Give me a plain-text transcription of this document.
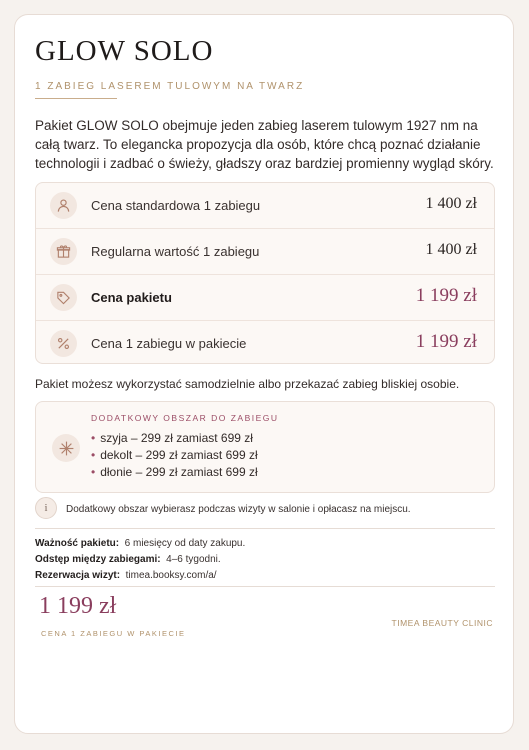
GLOW SOLO
1 ZABIEG LASEREM TULOWYM NA TWARZ
Pakiet GLOW SOLO obejmuje jeden zabieg laserem tulowym 1927 nm na całą twarz. To elegancka propozycja dla osób, które chcą poznać działanie technologii i zadbać o świeży, gładszy oraz bardziej promienny wygląd skóry.
Cena standardowa 1 zabiegu	1 400 zł
Regularna wartość 1 zabiegu	1 400 zł
Cena pakietu	1 199 zł
Cena 1 zabiegu w pakiecie	1 199 zł
Pakiet możesz wykorzystać samodzielnie albo przekazać zabieg bliskiej osobie.
DODATKOWY OBSZAR DO ZABIEGU
• szyja – 299 zł zamiast 699 zł
• dekolt – 299 zł zamiast 699 zł
• dłonie – 299 zł zamiast 699 zł
i	Dodatkowy obszar wybierasz podczas wizyty w salonie i opłacasz na miejscu.
Ważność pakietu: 6 miesięcy od daty zakupu.
Odstęp między zabiegami: 4–6 tygodni.
Rezerwacja wizyt: timea.booksy.com/a/
1 199 zł
CENA 1 ZABIEGU W PAKIECIE
TIMEA BEAUTY CLINIC
